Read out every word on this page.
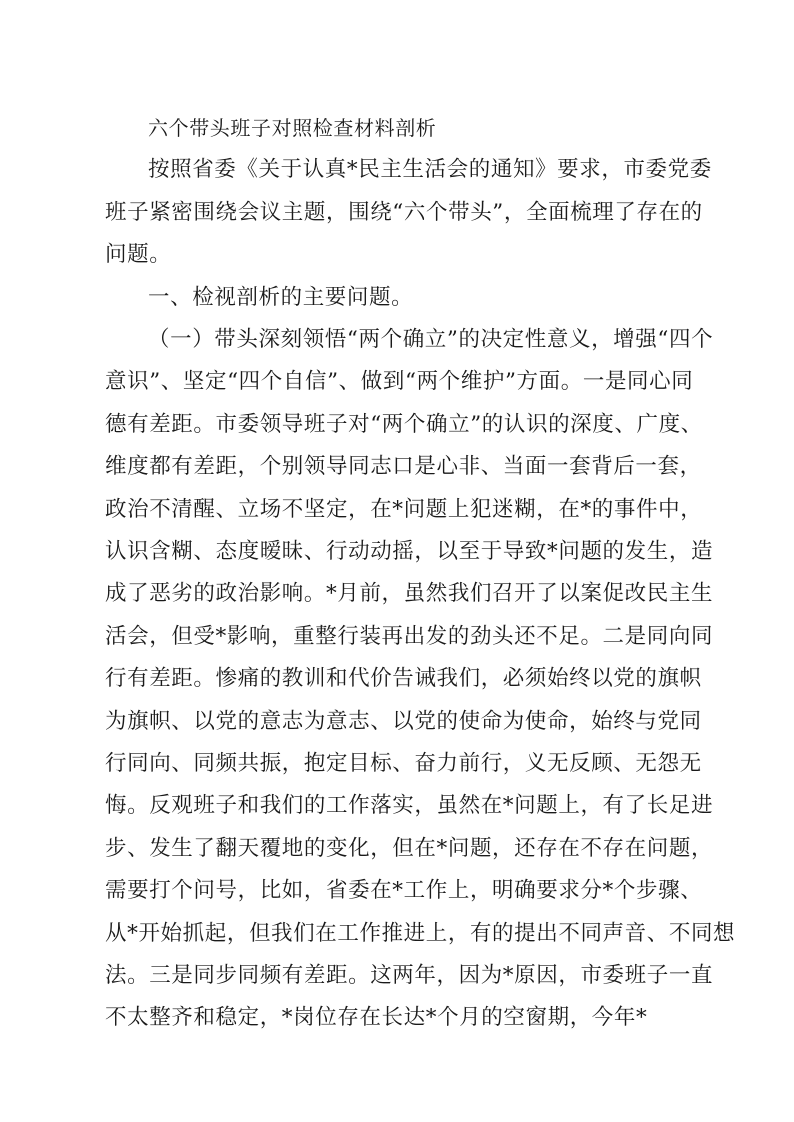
六个带头班子对照检查材料剖析
按照省委《关于认真*民主生活会的通知》要求，市委党委
班子紧密围绕会议主题，围绕“六个带头”，全面梳理了存在的
问题。
一、检视剖析的主要问题。
（一）带头深刻领悟“两个确立”的决定性意义，增强“四个
意识”、坚定“四个自信”、做到“两个维护”方面。一是同心同
德有差距。市委领导班子对“两个确立”的认识的深度、广度、
维度都有差距，个别领导同志口是心非、当面一套背后一套，
政治不清醒、立场不坚定，在*问题上犯迷糊，在*的事件中，
认识含糊、态度暧昧、行动动摇，以至于导致*问题的发生，造
成了恶劣的政治影响。*月前，虽然我们召开了以案促改民主生
活会，但受*影响，重整行装再出发的劲头还不足。二是同向同
行有差距。惨痛的教训和代价告诫我们，必须始终以党的旗帜
为旗帜、以党的意志为意志、以党的使命为使命，始终与党同
行同向、同频共振，抱定目标、奋力前行，义无反顾、无怨无
悔。反观班子和我们的工作落实，虽然在*问题上，有了长足进
步、发生了翻天覆地的变化，但在*问题，还存在不存在问题，
需要打个问号，比如，省委在*工作上，明确要求分*个步骤、
从*开始抓起，但我们在工作推进上，有的提出不同声音、不同想
法。三是同步同频有差距。这两年，因为*原因，市委班子一直
不太整齐和稳定，*岗位存在长达*个月的空窗期，今年*
